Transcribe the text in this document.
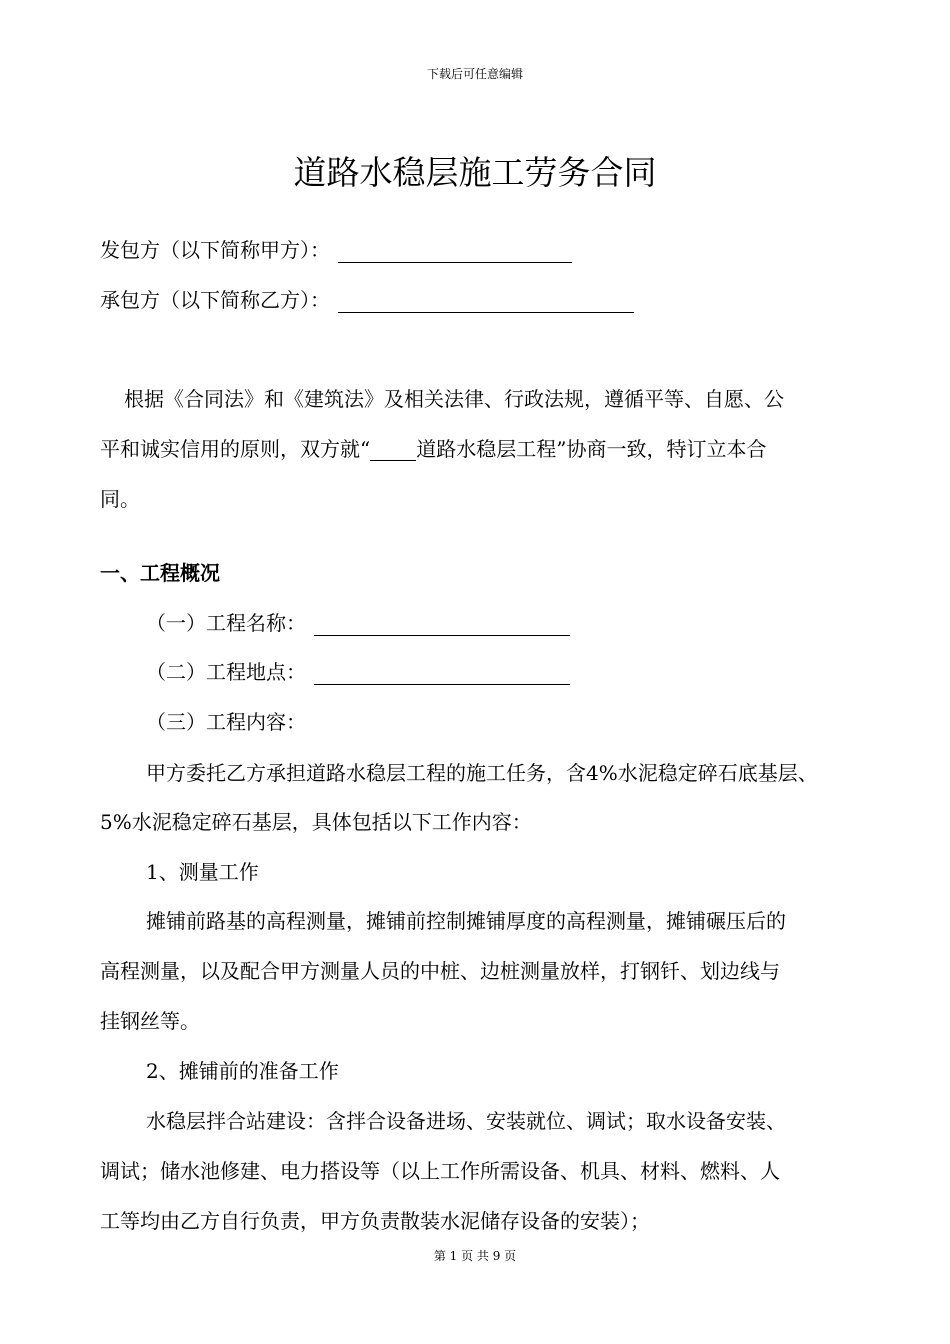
下载后可任意编辑
道路水稳层施工劳务合同
发包方（以下简称甲方）：
承包方（以下简称乙方）：
根据《合同法》和《建筑法》及相关法律、行政法规，遵循平等、自愿、公
平和诚实信用的原则，双方就“ 道路水稳层工程”协商一致，特订立本合
同。
一、工程概况
（一）工程名称：
（二）工程地点：
（三）工程内容：
甲方委托乙方承担道路水稳层工程的施工任务，含4%水泥稳定碎石底基层、
5%水泥稳定碎石基层，具体包括以下工作内容：
1、测量工作
摊铺前路基的高程测量，摊铺前控制摊铺厚度的高程测量，摊铺碾压后的
高程测量，以及配合甲方测量人员的中桩、边桩测量放样，打钢钎、划边线与
挂钢丝等。
2、摊铺前的准备工作
水稳层拌合站建设：含拌合设备进场、安装就位、调试；取水设备安装、
调试；储水池修建、电力搭设等（以上工作所需设备、机具、材料、燃料、人
工等均由乙方自行负责，甲方负责散装水泥储存设备的安装）；
第 1 页 共 9 页
